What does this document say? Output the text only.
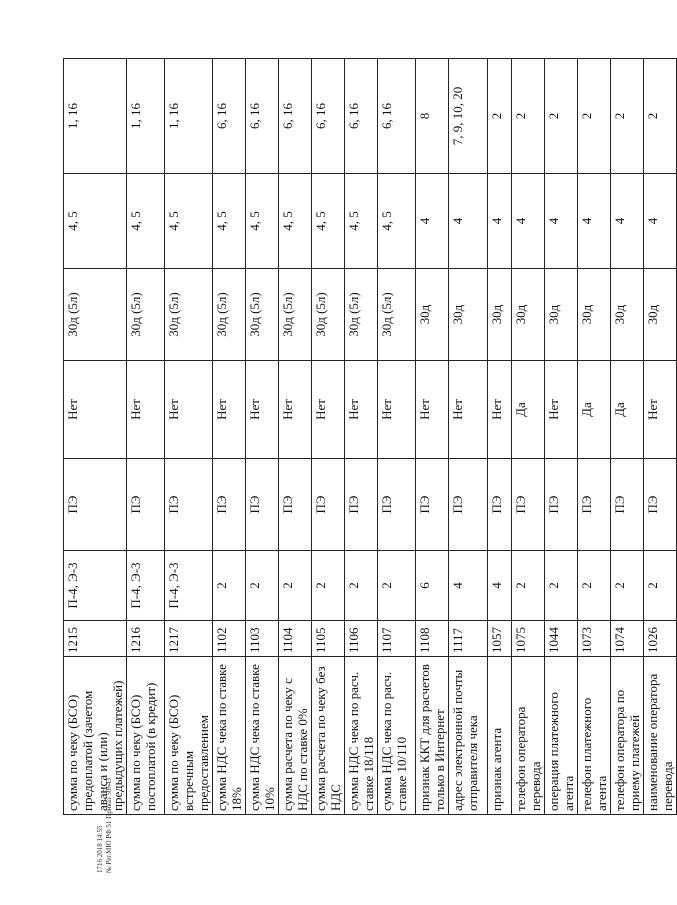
1716 2018 14:55 № Рег.МЮ РФ 51 Приказ 50643
сумма по чеку (БСО) предоплатой (зачетом аванса и (или) предыдущих платежей)	1215	П-4, Э-3	ПЭ	Нет	30д (5л)	4, 5	1, 16
сумма по чеку (БСО) постоплатой (в кредит)	1216	П-4, Э-3	ПЭ	Нет	30д (5л)	4, 5	1, 16
сумма по чеку (БСО) встречным предоставлением	1217	П-4, Э-3	ПЭ	Нет	30д (5л)	4, 5	1, 16
сумма НДС чека по ставке 18%	1102	2	ПЭ	Нет	30д (5л)	4, 5	6, 16
сумма НДС чека по ставке 10%	1103	2	ПЭ	Нет	30д (5л)	4, 5	6, 16
сумма расчета по чеку с НДС по ставке 0%	1104	2	ПЭ	Нет	30д (5л)	4, 5	6, 16
сумма расчета по чеку без НДС	1105	2	ПЭ	Нет	30д (5л)	4, 5	6, 16
сумма НДС чека по расч. ставке 18/118	1106	2	ПЭ	Нет	30д (5л)	4, 5	6, 16
сумма НДС чека по расч. ставке 10/110	1107	2	ПЭ	Нет	30д (5л)	4, 5	6, 16
признак ККТ для расчетов только в Интернет	1108	6	ПЭ	Нет	30д	4	8
адрес электронной почты отправителя чека	1117	4	ПЭ	Нет	30д	4	7, 9, 10, 20
признак агента	1057	4	ПЭ	Нет	30д	4	2
телефон оператора перевода	1075	2	ПЭ	Да	30д	4	2
операция платежного агента	1044	2	ПЭ	Нет	30д	4	2
телефон платежного агента	1073	2	ПЭ	Да	30д	4	2
телефон оператора по приему платежей	1074	2	ПЭ	Да	30д	4	2
наименование оператора перевода	1026	2	ПЭ	Нет	30д	4	2
